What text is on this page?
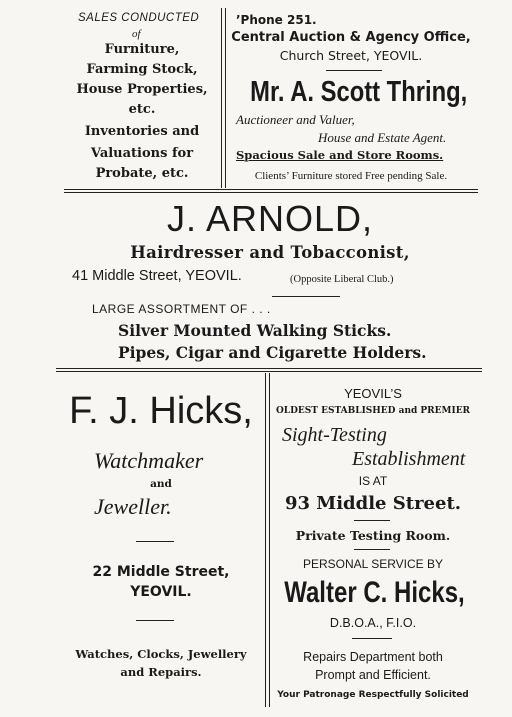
SALES CONDUCTED
of
Furniture,
Farming Stock,
House Properties,
etc.
Inventories and
Valuations for
Probate, etc.
’Phone 251.
Central Auction & Agency Office,
Church Street, YEOVIL.
Mr. A. Scott Thring,
Auctioneer and Valuer,
House and Estate Agent.
Spacious Sale and Store Rooms.
Clients’ Furniture stored Free pending Sale.
J. ARNOLD,
Hairdresser and Tobacconist,
41 Middle Street, YEOVIL.	(Opposite Liberal Club.)
LARGE ASSORTMENT OF . . .
Silver Mounted Walking Sticks.
Pipes, Cigar and Cigarette Holders.
F. J. Hicks,
Watchmaker
and
Jeweller.
22 Middle Street,
YEOVIL.
Watches, Clocks, Jewellery
and Repairs.
YEOVIL’S
OLDEST ESTABLISHED and PREMIER
Sight-Testing
Establishment
IS AT
93 Middle Street.
Private Testing Room.
PERSONAL SERVICE BY
Walter C. Hicks,
D.B.O.A., F.I.O.
Repairs Department both
Prompt and Efficient.
Your Patronage Respectfully Solicited
